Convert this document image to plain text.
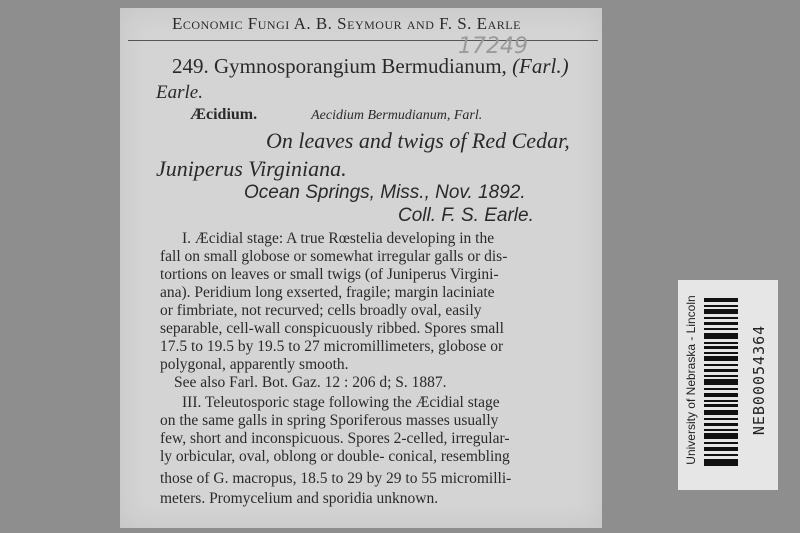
Economic Fungi A. B. Seymour and F. S. Earle
17249
249. Gymnosporangium Bermudianum, (Farl.)
Earle.
Æcidium.	Aecidium Bermudianum, Farl.
On leaves and twigs of Red Cedar,
Juniperus Virginiana.
Ocean Springs, Miss., Nov. 1892.
Coll. F. S. Earle.
I. Æcidial stage: A true Rœstelia developing in the
fall on small globose or somewhat irregular galls or dis-
tortions on leaves or small twigs (of Juniperus Virgini-
ana). Peridium long exserted, fragile; margin laciniate
or fimbriate, not recurved; cells broadly oval, easily
separable, cell-wall conspicuously ribbed. Spores small
17.5 to 19.5 by 19.5 to 27 micromillimeters, globose or
polygonal, apparently smooth.
See also Farl. Bot. Gaz. 12 : 206 d; S. 1887.
III. Teleutosporic stage following the Æcidial stage
on the same galls in spring Sporiferous masses usually
few, short and inconspicuous. Spores 2-celled, irregular-
ly orbicular, oval, oblong or double- conical, resembling
those of G. macropus, 18.5 to 29 by 29 to 55 micromilli-
meters. Promycelium and sporidia unknown.
University of Nebraska - Lincoln	NEB00054364
